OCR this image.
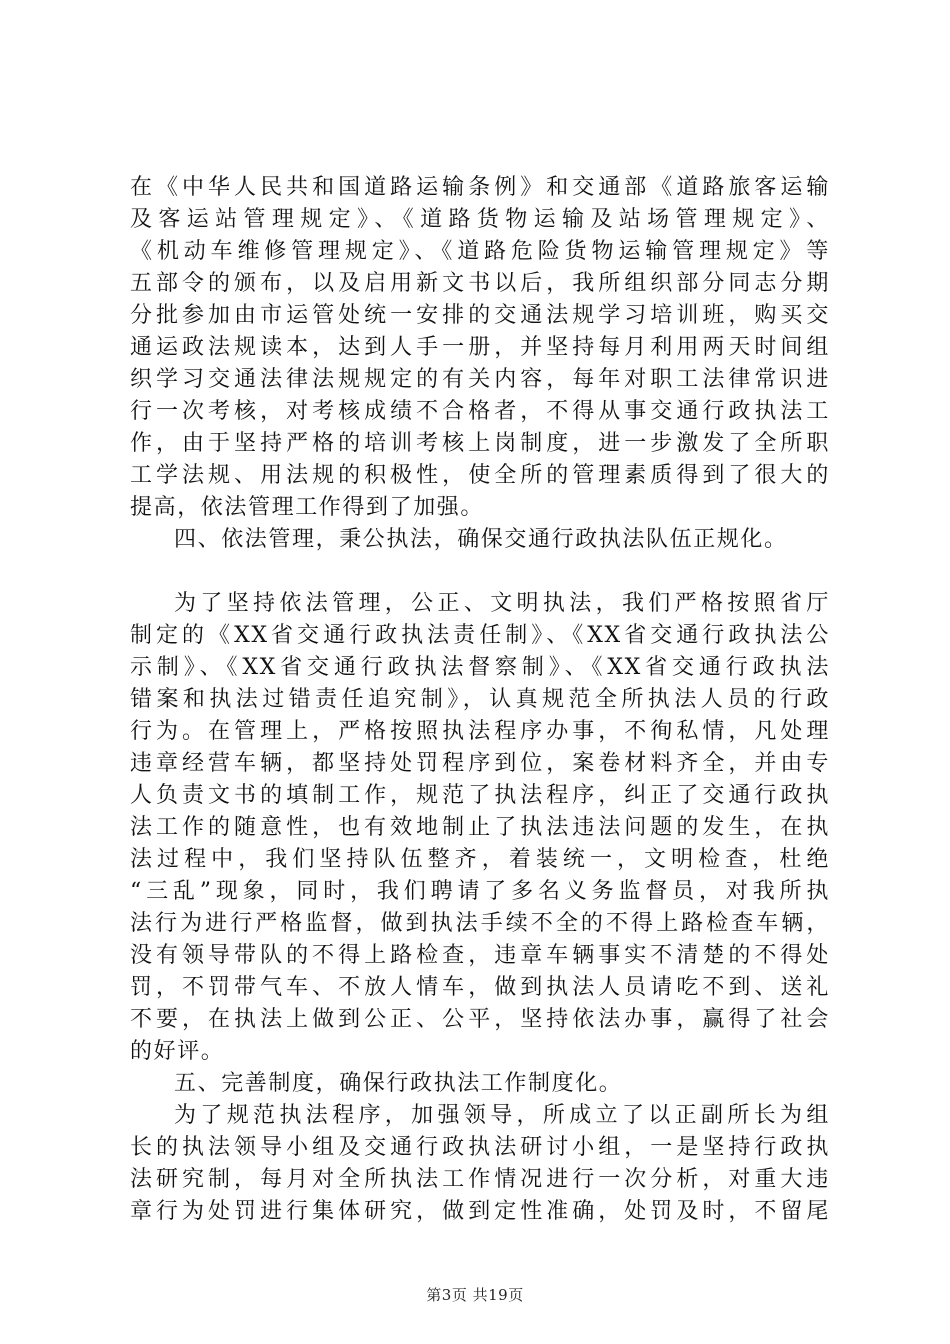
在《中华人民共和国道路运输条例》和交通部《道路旅客运输
及客运站管理规定》、《道路货物运输及站场管理规定》、
《机动车维修管理规定》、《道路危险货物运输管理规定》等
五部令的颁布，以及启用新文书以后，我所组织部分同志分期
分批参加由市运管处统一安排的交通法规学习培训班，购买交
通运政法规读本，达到人手一册，并坚持每月利用两天时间组
织学习交通法律法规规定的有关内容，每年对职工法律常识进
行一次考核，对考核成绩不合格者，不得从事交通行政执法工
作，由于坚持严格的培训考核上岗制度，进一步激发了全所职
工学法规、用法规的积极性，使全所的管理素质得到了很大的
提高，依法管理工作得到了加强。
四、依法管理，秉公执法，确保交通行政执法队伍正规化。
为了坚持依法管理，公正、文明执法，我们严格按照省厅
制定的《XX省交通行政执法责任制》、《XX省交通行政执法公
示制》、《XX省交通行政执法督察制》、《XX省交通行政执法
错案和执法过错责任追究制》，认真规范全所执法人员的行政
行为。在管理上，严格按照执法程序办事，不徇私情，凡处理
违章经营车辆，都坚持处罚程序到位，案卷材料齐全，并由专
人负责文书的填制工作，规范了执法程序，纠正了交通行政执
法工作的随意性，也有效地制止了执法违法问题的发生，在执
法过程中，我们坚持队伍整齐，着装统一，文明检查，杜绝
“三乱”现象，同时，我们聘请了多名义务监督员，对我所执
法行为进行严格监督，做到执法手续不全的不得上路检查车辆，
没有领导带队的不得上路检查，违章车辆事实不清楚的不得处
罚，不罚带气车、不放人情车，做到执法人员请吃不到、送礼
不要，在执法上做到公正、公平，坚持依法办事，赢得了社会
的好评。
五、完善制度，确保行政执法工作制度化。
为了规范执法程序，加强领导，所成立了以正副所长为组
长的执法领导小组及交通行政执法研讨小组，一是坚持行政执
法研究制，每月对全所执法工作情况进行一次分析，对重大违
章行为处罚进行集体研究，做到定性准确，处罚及时，不留尾
第3页 共19页
